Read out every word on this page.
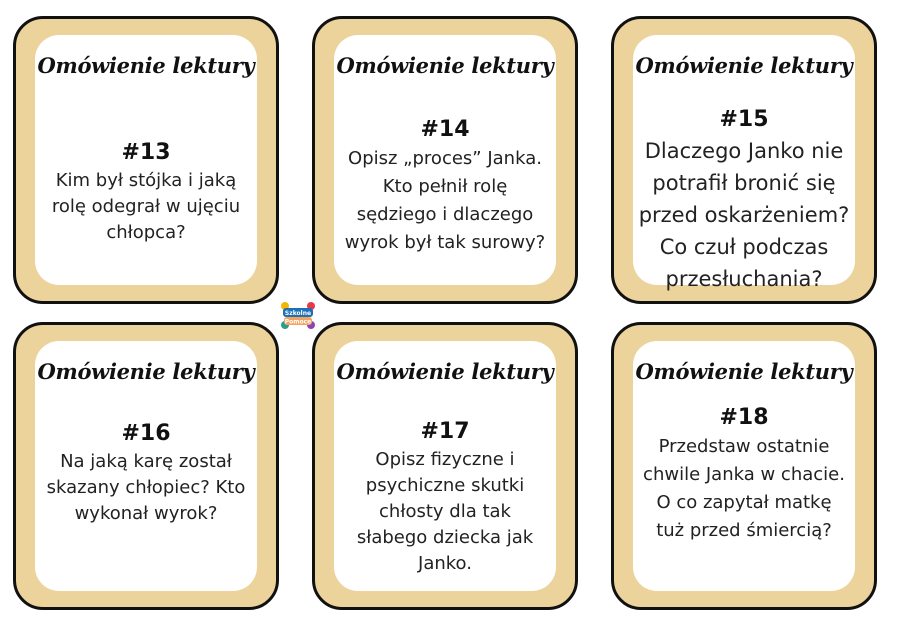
Omówienie lektury
#13
Kim był stójka i jaką rolę odegrał w ujęciu chłopca?
Omówienie lektury
#14
Opisz „proces” Janka. Kto pełnił rolę sędziego i dlaczego wyrok był tak surowy?
Omówienie lektury
#15
Dlaczego Janko nie potrafił bronić się przed oskarżeniem? Co czuł podczas przesłuchania?
Omówienie lektury
#16
Na jaką karę został skazany chłopiec? Kto wykonał wyrok?
Omówienie lektury
#17
Opisz fizyczne i psychiczne skutki chłosty dla tak słabego dziecka jak Janko.
Omówienie lektury
#18
Przedstaw ostatnie chwile Janka w chacie. O co zapytał matkę tuż przed śmiercią?
Szkolne
Pomoce
